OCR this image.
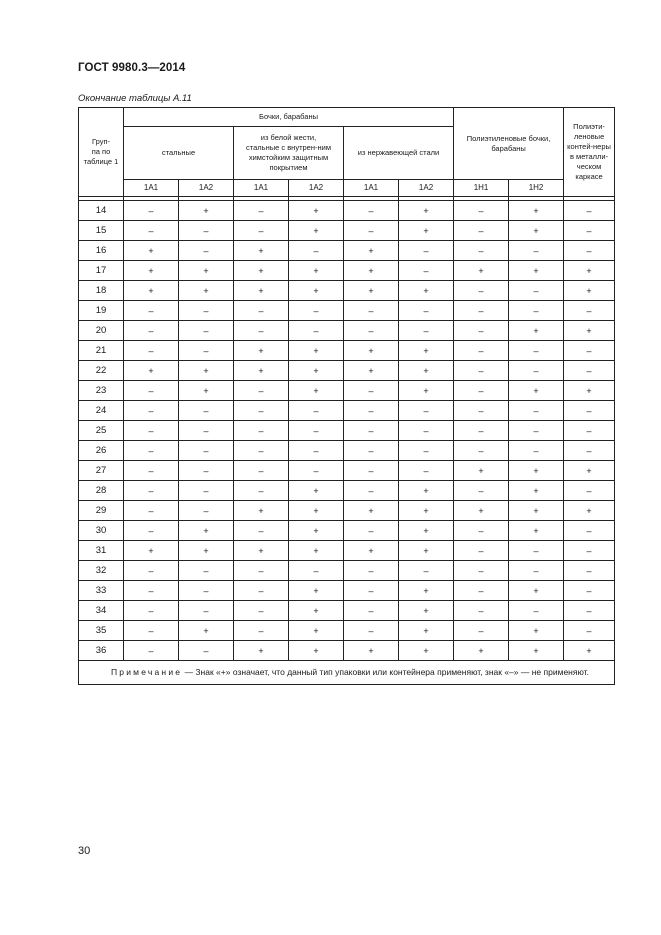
ГОСТ 9980.3—2014
Окончание таблицы А.11
Груп-
па по
таблице 1	Бочки, барабаны						Полиэтиленовые бочки, барабаны		Полиэти-леновые контей-неры в металли-ческом каркасе
	стальные		из белой жести, стальные с внутрен-ним химстойким защитным покрытием		из нержавеющей стали				
	1А1	1А2	1А1	1А2	1А1	1А2	1Н1	1Н2	

14	–	+	–	+	–	+	–	+	–
15	–	–	–	+	–	+	–	+	–
16	+	–	+	–	+	–	–	–	–
17	+	+	+	+	+	–	+	+	+
18	+	+	+	+	+	+	–	–	+
19	–	–	–	–	–	–	–	–	–
20	–	–	–	–	–	–	–	+	+
21	–	–	+	+	+	+	–	–	–
22	+	+	+	+	+	+	–	–	–
23	–	+	–	+	–	+	–	+	+
24	–	–	–	–	–	–	–	–	–
25	–	–	–	–	–	–	–	–	–
26	–	–	–	–	–	–	–	–	–
27	–	–	–	–	–	–	+	+	+
28	–	–	–	+	–	+	–	+	–
29	–	–	+	+	+	+	+	+	+
30	–	+	–	+	–	+	–	+	–
31	+	+	+	+	+	+	–	–	–
32	–	–	–	–	–	–	–	–	–
33	–	–	–	+	–	+	–	+	–
34	–	–	–	+	–	+	–	–	–
35	–	+	–	+	–	+	–	+	–
36	–	–	+	+	+	+	+	+	+
Примечание — Знак «+» означает, что данный тип упаковки или контейнера применяют, знак «–» — не применяют.									
30
